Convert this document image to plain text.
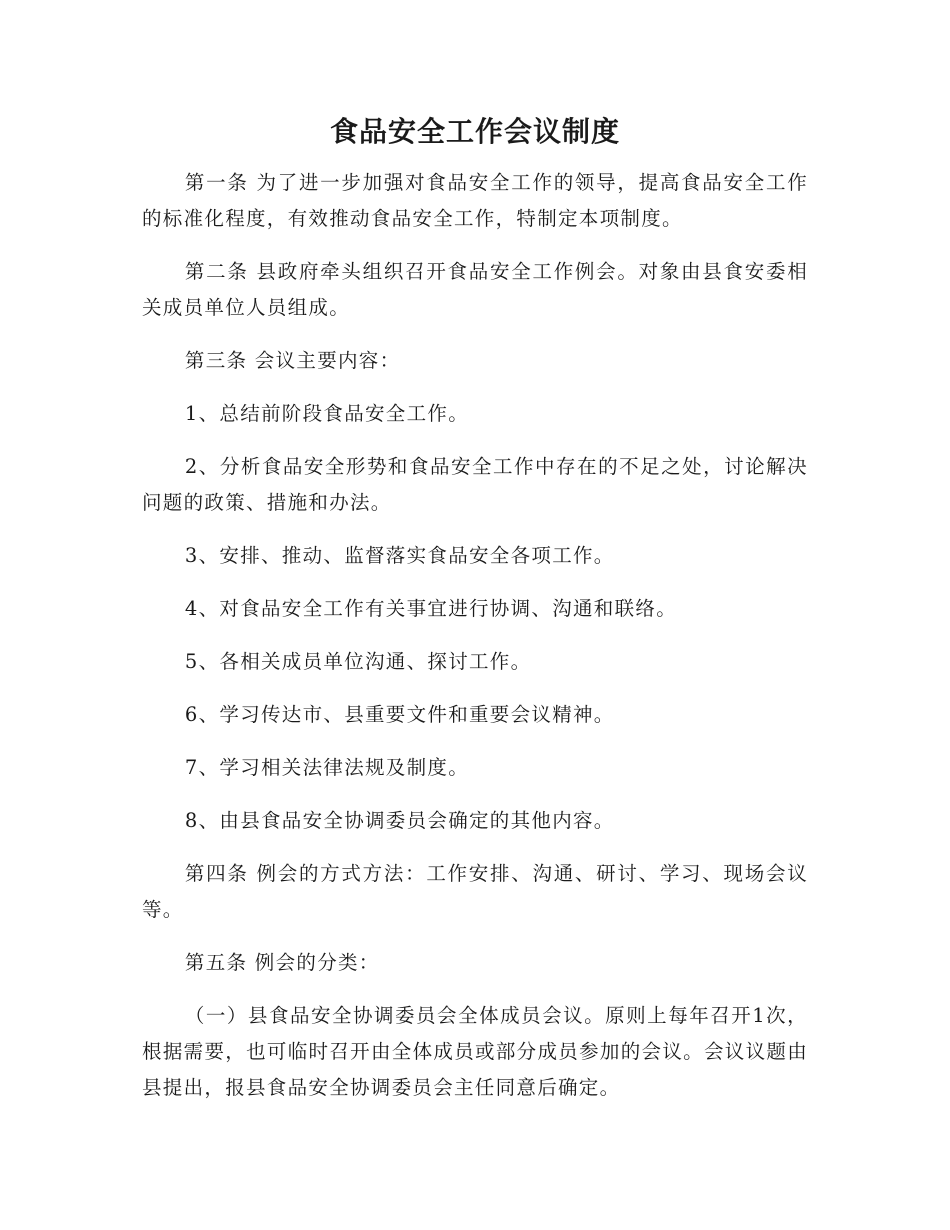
食品安全工作会议制度

第一条 为了进一步加强对食品安全工作的领导，提高食品安全工作的标准化程度，有效推动食品安全工作，特制定本项制度。

第二条 县政府牵头组织召开食品安全工作例会。对象由县食安委相关成员单位人员组成。

第三条 会议主要内容：

1、总结前阶段食品安全工作。

2、分析食品安全形势和食品安全工作中存在的不足之处，讨论解决问题的政策、措施和办法。

3、安排、推动、监督落实食品安全各项工作。

4、对食品安全工作有关事宜进行协调、沟通和联络。

5、各相关成员单位沟通、探讨工作。

6、学习传达市、县重要文件和重要会议精神。

7、学习相关法律法规及制度。

8、由县食品安全协调委员会确定的其他内容。

第四条 例会的方式方法：工作安排、沟通、研讨、学习、现场会议等。

第五条 例会的分类：

（一）县食品安全协调委员会全体成员会议。原则上每年召开1次，根据需要，也可临时召开由全体成员或部分成员参加的会议。会议议题由县提出，报县食品安全协调委员会主任同意后确定。
